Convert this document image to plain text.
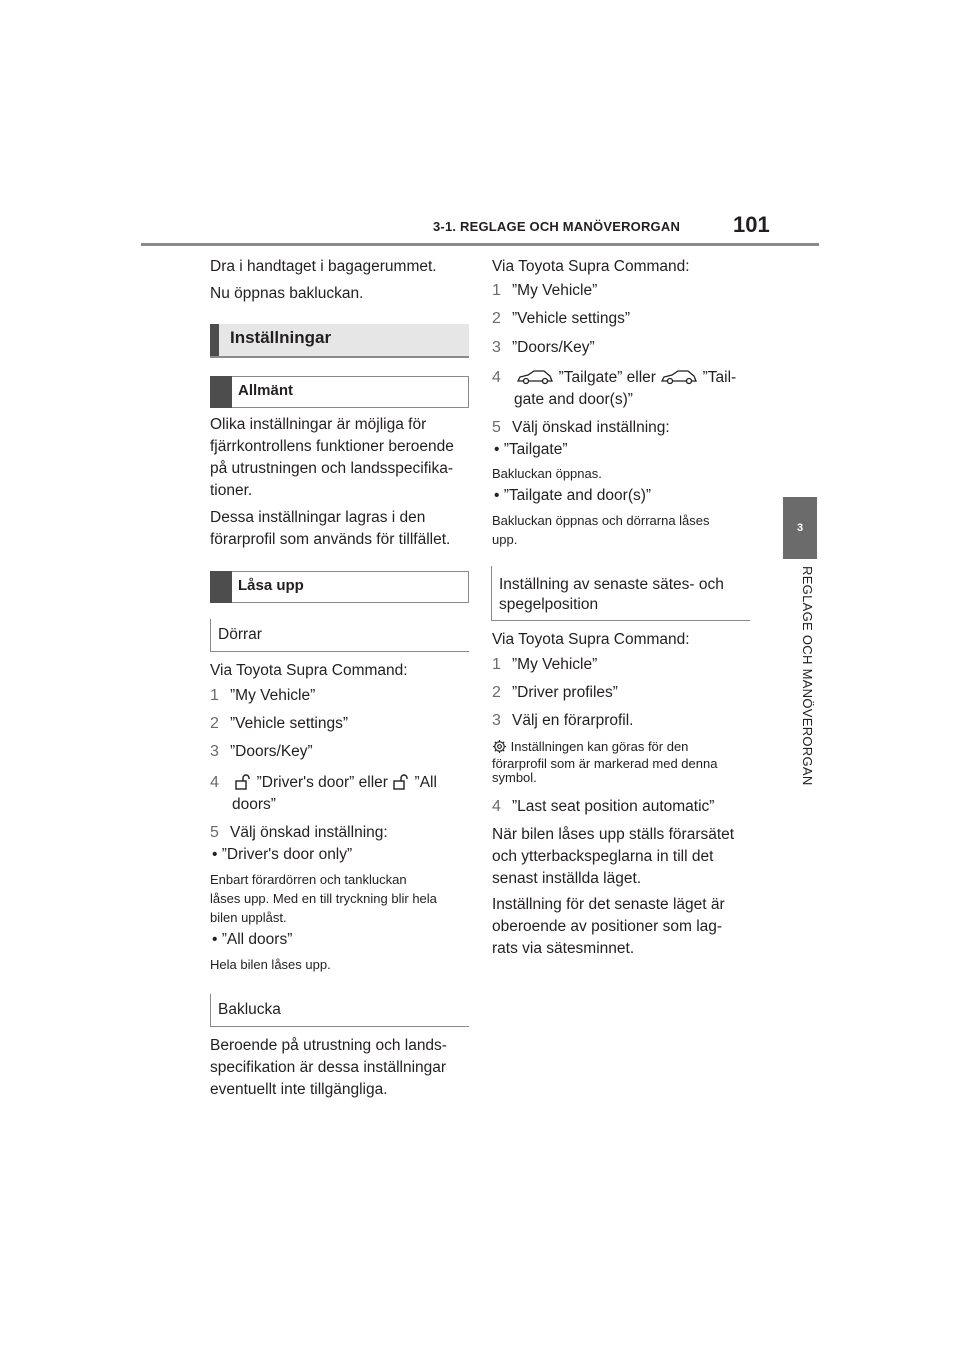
3-1. REGLAGE OCH MANÖVERORGAN 101
3
REGLAGE OCH MANÖVERORGAN

Dra i handtaget i bagagerummet.

Nu öppnas bakluckan.

Inställningar
Allmänt

Olika inställningar är möjliga för

fjärrkontrollens funktioner beroende

på utrustningen och landsspecifika-

tioner.

Dessa inställningar lagras i den

förarprofil som används för tillfället.

Låsa upp
Dörrar

Via Toyota Supra Command:

1 ”My Vehicle”

2 ”Vehicle settings”

3 ”Doors/Key”

4 ”Driver's door” eller ”All

doors”

5 Välj önskad inställning:

• ”Driver's door only”

Enbart förardörren och tankluckan

låses upp. Med en till tryckning blir hela

bilen upplåst.

• ”All doors”

Hela bilen låses upp.

Baklucka

Beroende på utrustning och lands-

specifikation är dessa inställningar

eventuellt inte tillgängliga.

Via Toyota Supra Command:

1 ”My Vehicle”

2 ”Vehicle settings”

3 ”Doors/Key”

4	”Tailgate” eller	”Tail-

gate and door(s)”

5 Välj önskad inställning:

• ”Tailgate”

Bakluckan öppnas.

• ”Tailgate and door(s)”

Bakluckan öppnas och dörrarna låses

upp.

Inställning av senaste sätes- och
spegelposition

Via Toyota Supra Command:

1 ”My Vehicle”

2 ”Driver profiles”

3 Välj en förarprofil.

Inställningen kan göras för den
förarprofil som är markerad med denna
symbol.

4 ”Last seat position automatic”

När bilen låses upp ställs förarsätet

och ytterbackspeglarna in till det

senast inställda läget.

Inställning för det senaste läget är

oberoende av positioner som lag-

rats via sätesminnet.
